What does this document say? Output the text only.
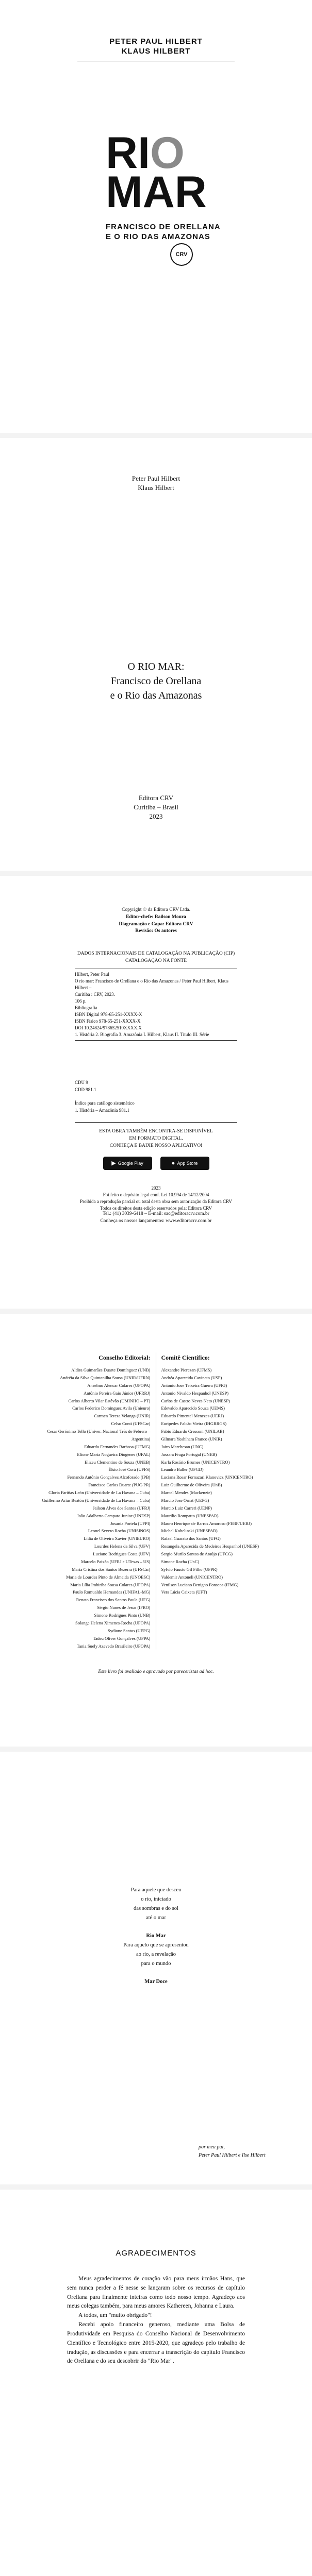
PETER PAUL HILBERT
KLAUS HILBERT
RIO
MAR
FRANCISCO DE ORELLANA
E O RIO DAS AMAZONAS
CRV
Peter Paul Hilbert
Klaus Hilbert
O RIO MAR:
Francisco de Orellana
e o Rio das Amazonas
Editora CRV
Curitiba – Brasil
2023
Copyright © da Editora CRV Ltda.
Editor-chefe: Railson Moura
Diagramação e Capa: Editora CRV
Revisão: Os autores
DADOS INTERNACIONAIS DE CATALOGAÇÃO NA PUBLICAÇÃO (CIP)
CATALOGAÇÃO NA FONTE
Hilbert, Peter Paul
O rio mar: Francisco de Orellana e o Rio das Amazonas / Peter Paul Hilbert, Klaus Hilbert –
Curitiba : CRV, 2023.
106 p.
Bibliografia
ISBN Digital 978-65-251-XXXX-X
ISBN Físico 978-65-251-XXXX-X
DOI 10.24824/978652510XXXX.X
1. História 2. Biografia 3. Amazônia I. Hilbert, Klaus II. Título III. Série
CDU 9
CDD 981.1
Índice para catálogo sistemático
1. História – Amazônia 981.1
ESTA OBRA TAMBÉM ENCONTRA-SE DISPONÍVEL
EM FORMATO DIGITAL.
CONHEÇA E BAIXE NOSSO APLICATIVO!
▶ Google Play	● App Store
2023
Foi feito o depósito legal conf. Lei 10.994 de 14/12/2004
Proibida a reprodução parcial ou total desta obra sem autorização da Editora CRV
Todos os direitos desta edição reservados pela: Editora CRV
Tel.: (41) 3039-6418 – E-mail: sac@editoracrv.com.br
Conheça os nossos lançamentos: www.editoracrv.com.br
Conselho Editorial:
Aldira Guimarães Duarte Domínguez (UNB)
Andréia da Silva Quintanilha Sousa (UNIR/UFRN)
Anselmo Alencar Colares (UFOPA)
Antônio Pereira Gaio Júnior (UFRRJ)
Carlos Alberto Vilar Estêvão (UMINHO – PT)
Carlos Federico Dominguez Avila (Unieuro)
Carmen Tereza Velanga (UNIR)
Celso Conti (UFSCar)
Cesar Gerónimo Tello (Univer. Nacional Três de Febrero – Argentina)
Eduardo Fernandes Barbosa (UFMG)
Elione Maria Nogueira Diogenes (UFAL)
Elizeu Clementino de Souza (UNEB)
Élsio José Corá (UFFS)
Fernando Antônio Gonçalves Alcoforado (IPB)
Francisco Carlos Duarte (PUC-PR)
Gloria Fariñas León (Universidade de La Havana – Cuba)
Guillermo Arias Beatón (Universidade de La Havana – Cuba)
Jailson Alves dos Santos (UFRJ)
João Adalberto Campato Junior (UNESP)
Josania Portela (UFPI)
Leonel Severo Rocha (UNISINOS)
Lídia de Oliveira Xavier (UNIEURO)
Lourdes Helena da Silva (UFV)
Luciano Rodrigues Costa (UFV)
Marcelo Paixão (UFRJ e UTexas – US)
Maria Cristina dos Santos Bezerra (UFSCar)
Maria de Lourdes Pinto de Almeida (UNOESC)
Maria Lília Imbiriba Sousa Colares (UFOPA)
Paulo Romualdo Hernandes (UNIFAL-MG)
Renato Francisco dos Santos Paula (UFG)
Sérgio Nunes de Jesus (IFRO)
Simone Rodrigues Pinto (UNB)
Solange Helena Ximenes-Rocha (UFOPA)
Sydione Santos (UEPG)
Tadeu Oliver Gonçalves (UFPA)
Tania Suely Azevedo Brasileiro (UFOPA)
Comitê Científico:
Alexandre Pierezan (UFMS)
Andréa Aparecida Cavinato (USP)
Antonio Jose Teixeira Guerra (UFRJ)
Antonio Nivaldo Hespanhol (UNESP)
Carlos de Castro Neves Neto (UNESP)
Edevaldo Aparecido Souza (UEMS)
Eduardo Pimentel Menezes (UERJ)
Euripedes Falcão Vieira (IHGRRGS)
Fabio Eduardo Cressoni (UNILAB)
Gilmara Yoshihara Franco (UNIR)
Jairo Marchesan (UNC)
Jussara Fraga Portugal (UNEB)
Karla Rosário Brumes (UNICENTRO)
Leandro Baller (UFGD)
Luciana Rosar Fornazari Klanovicz (UNICENTRO)
Luiz Guilherme de Oliveira (UnB)
Marcel Mendes (Mackenzie)
Marcio Jose Ornat (UEPG)
Marcio Luiz Carreri (UENP)
Maurilio Rompatto (UNESPAR)
Mauro Henrique de Barros Amoroso (FEBF/UERJ)
Michel Kobelinski (UNESPAR)
Rafael Guarato dos Santos (UFG)
Rosangela Aparecida de Medeiros Hespanhol (UNESP)
Sergio Murilo Santos de Araújo (UFCG)
Simone Rocha (UnC)
Sylvio Fausto Gil Filho (UFPR)
Valdemir Antoneli (UNICENTRO)
Venilson Luciano Benigno Fonseca (IFMG)
Vera Lúcia Caixeta (UFT)
Este livro foi avaliado e aprovado por pareceristas ad hoc.
Para aquele que desceu
o rio, iniciado
das sombras e do sol
até o mar

Rio Mar
Para aquelo que se apresentou
ao rio, a revelação
para o mundo

Mar Doce
por meu pai,
Peter Paul Hilbert e Ilse Hilbert
AGRADECIMENTOS

Meus agradecimentos de coração vão para meus irmãos Hans, que sem nunca perder a fé nesse se lançaram sobre os recursos de capítulo Orellana para finalmente inteiras como todo nosso tempo. Agradeço aos meus colegas também, para meus amores Kathereen, Johanna e Laura.

A todos, um "muito obrigado"!

Recebi apoio financeiro generoso, mediante uma Bolsa de Produtividade em Pesquisa do Conselho Nacional de Desenvolvimento Científico e Tecnológico entre 2015-2020, que agradeço pelo trabalho de tradução, as discussões e para encerrar a transcrição do capítulo Francisco de Orellana e do seu descobrir do "Rio Mar".
